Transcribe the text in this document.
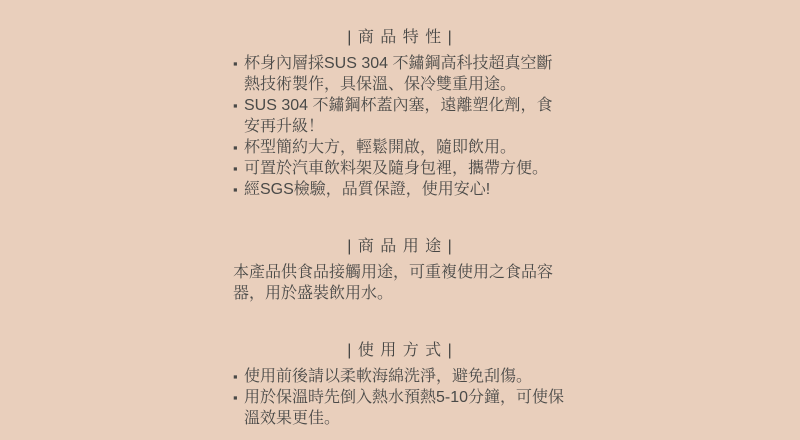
| 商 品 特 性 |
▪ 杯身內層採SUS 304 不鏽鋼高科技超真空斷熱技術製作，具保溫、保冷雙重用途。
▪ SUS 304 不鏽鋼杯蓋內塞，遠離塑化劑，食安再升級！
▪ 杯型簡約大方，輕鬆開啟，隨即飲用。
▪ 可置於汽車飲料架及隨身包裡，攜帶方便。
▪ 經SGS檢驗，品質保證，使用安心!
| 商 品 用 途 |

本產品供食品接觸用途，可重複使用之食品容器，用於盛裝飲用水。

| 使 用 方 式 |
▪ 使用前後請以柔軟海綿洗淨，避免刮傷。
▪ 用於保溫時先倒入熱水預熱5-10分鐘，可使保溫效果更佳。
